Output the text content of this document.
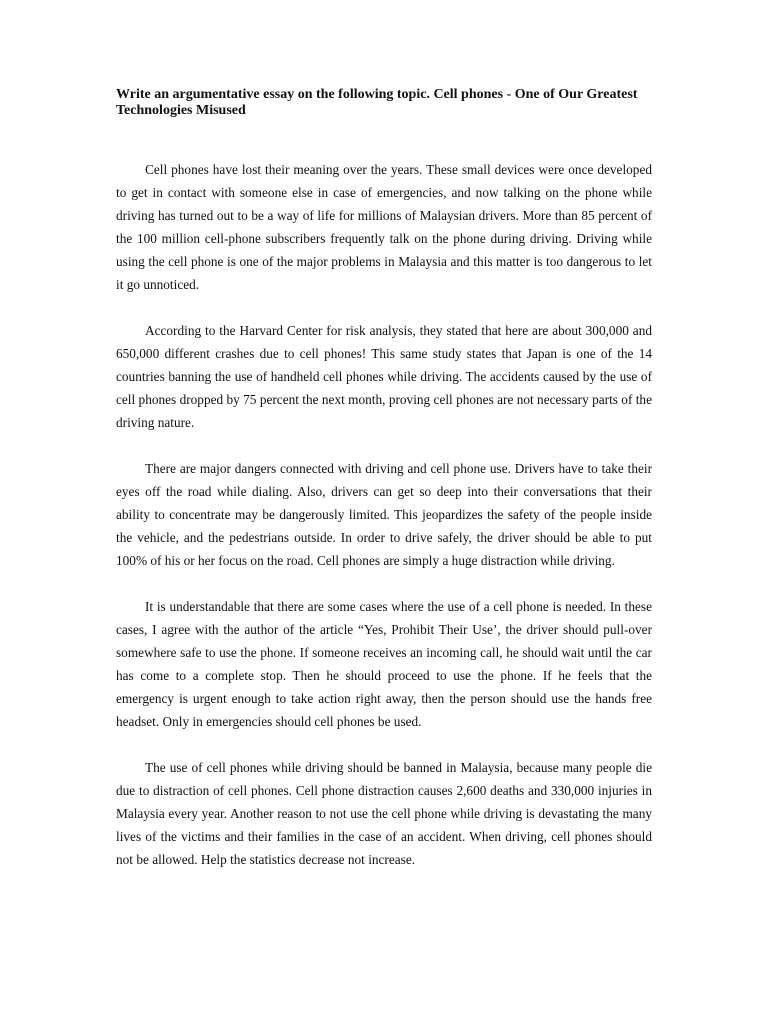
Write an argumentative essay on the following topic. Cell phones - One of Our Greatest Technologies Misused

Cell phones have lost their meaning over the years. These small devices were once developed to get in contact with someone else in case of emergencies, and now talking on the phone while driving has turned out to be a way of life for millions of Malaysian drivers. More than 85 percent of the 100 million cell-phone subscribers frequently talk on the phone during driving. Driving while using the cell phone is one of the major problems in Malaysia and this matter is too dangerous to let it go unnoticed.

According to the Harvard Center for risk analysis, they stated that here are about 300,000 and 650,000 different crashes due to cell phones! This same study states that Japan is one of the 14 countries banning the use of handheld cell phones while driving. The accidents caused by the use of cell phones dropped by 75 percent the next month, proving cell phones are not necessary parts of the driving nature.

There are major dangers connected with driving and cell phone use. Drivers have to take their eyes off the road while dialing. Also, drivers can get so deep into their conversations that their ability to concentrate may be dangerously limited. This jeopardizes the safety of the people inside the vehicle, and the pedestrians outside. In order to drive safely, the driver should be able to put 100% of his or her focus on the road. Cell phones are simply a huge distraction while driving.

It is understandable that there are some cases where the use of a cell phone is needed. In these cases, I agree with the author of the article “Yes, Prohibit Their Use’, the driver should pull-over somewhere safe to use the phone. If someone receives an incoming call, he should wait until the car has come to a complete stop. Then he should proceed to use the phone. If he feels that the emergency is urgent enough to take action right away, then the person should use the hands free headset. Only in emergencies should cell phones be used.

The use of cell phones while driving should be banned in Malaysia, because many people die due to distraction of cell phones. Cell phone distraction causes 2,600 deaths and 330,000 injuries in Malaysia every year. Another reason to not use the cell phone while driving is devastating the many lives of the victims and their families in the case of an accident. When driving, cell phones should not be allowed. Help the statistics decrease not increase.
